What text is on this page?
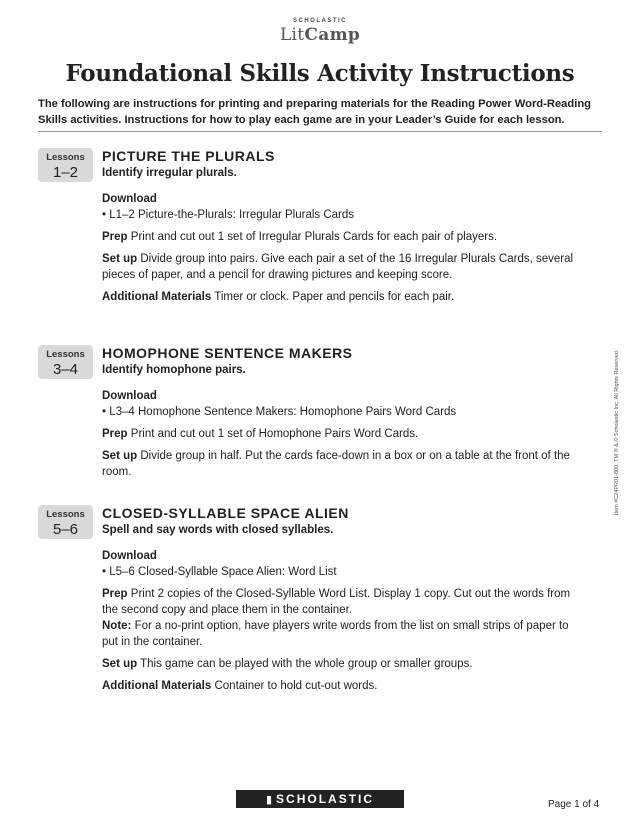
SCHOLASTIC
LitCamp
Foundational Skills Activity Instructions
The following are instructions for printing and preparing materials for the Reading Power Word-Reading Skills activities. Instructions for how to play each game are in your Leader’s Guide for each lesson.
Lessons
1–2
PICTURE THE PLURALS
Identify irregular plurals.
Download
• L1–2 Picture-the-Plurals: Irregular Plurals Cards
Prep Print and cut out 1 set of Irregular Plurals Cards for each pair of players.
Set up Divide group into pairs. Give each pair a set of the 16 Irregular Plurals Cards, several pieces of paper, and a pencil for drawing pictures and keeping score.
Additional Materials Timer or clock. Paper and pencils for each pair.
Lessons
3–4
HOMOPHONE SENTENCE MAKERS
Identify homophone pairs.
Download
• L3–4 Homophone Sentence Makers: Homophone Pairs Word Cards
Prep Print and cut out 1 set of Homophone Pairs Word Cards.
Set up Divide group in half. Put the cards face-down in a box or on a table at the front of the room.
Lessons
5–6
CLOSED-SYLLABLE SPACE ALIEN
Spell and say words with closed syllables.
Download
• L5–6 Closed-Syllable Space Alien: Word List
Prep Print 2 copies of the Closed-Syllable Word List. Display 1 copy. Cut out the words from the second copy and place them in the container.
Note: For a no-print option, have players write words from the list on small strips of paper to put in the container.
Set up This game can be played with the whole group or smaller groups.
Additional Materials Container to hold cut-out words.
Item #C24PR01-800. TM ® & © Scholastic Inc. All Rights Reserved.
▮ SCHOLASTIC	Page 1 of 4
